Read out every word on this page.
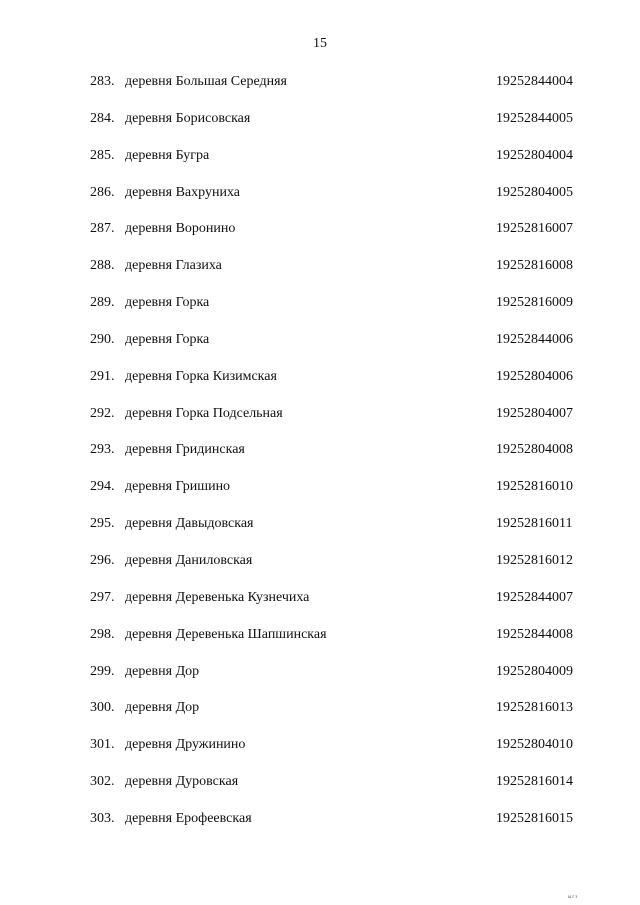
15
283. деревня Большая Середняя	19252844004
284. деревня Борисовская	19252844005
285. деревня Бугра	19252804004
286. деревня Вахруниха	19252804005
287. деревня Воронино	19252816007
288. деревня Глазиха	19252816008
289. деревня Горка	19252816009
290. деревня Горка	19252844006
291. деревня Горка Кизимская	19252804006
292. деревня Горка Подсельная	19252804007
293. деревня Гридинская	19252804008
294. деревня Гришино	19252816010
295. деревня Давыдовская	19252816011
296. деревня Даниловская	19252816012
297. деревня Деревенька Кузнечиха	19252844007
298. деревня Деревенька Шапшинская	19252844008
299. деревня Дор	19252804009
300. деревня Дор	19252816013
301. деревня Дружинино	19252804010
302. деревня Дуровская	19252816014
303. деревня Ерофеевская	19252816015
ыгз
